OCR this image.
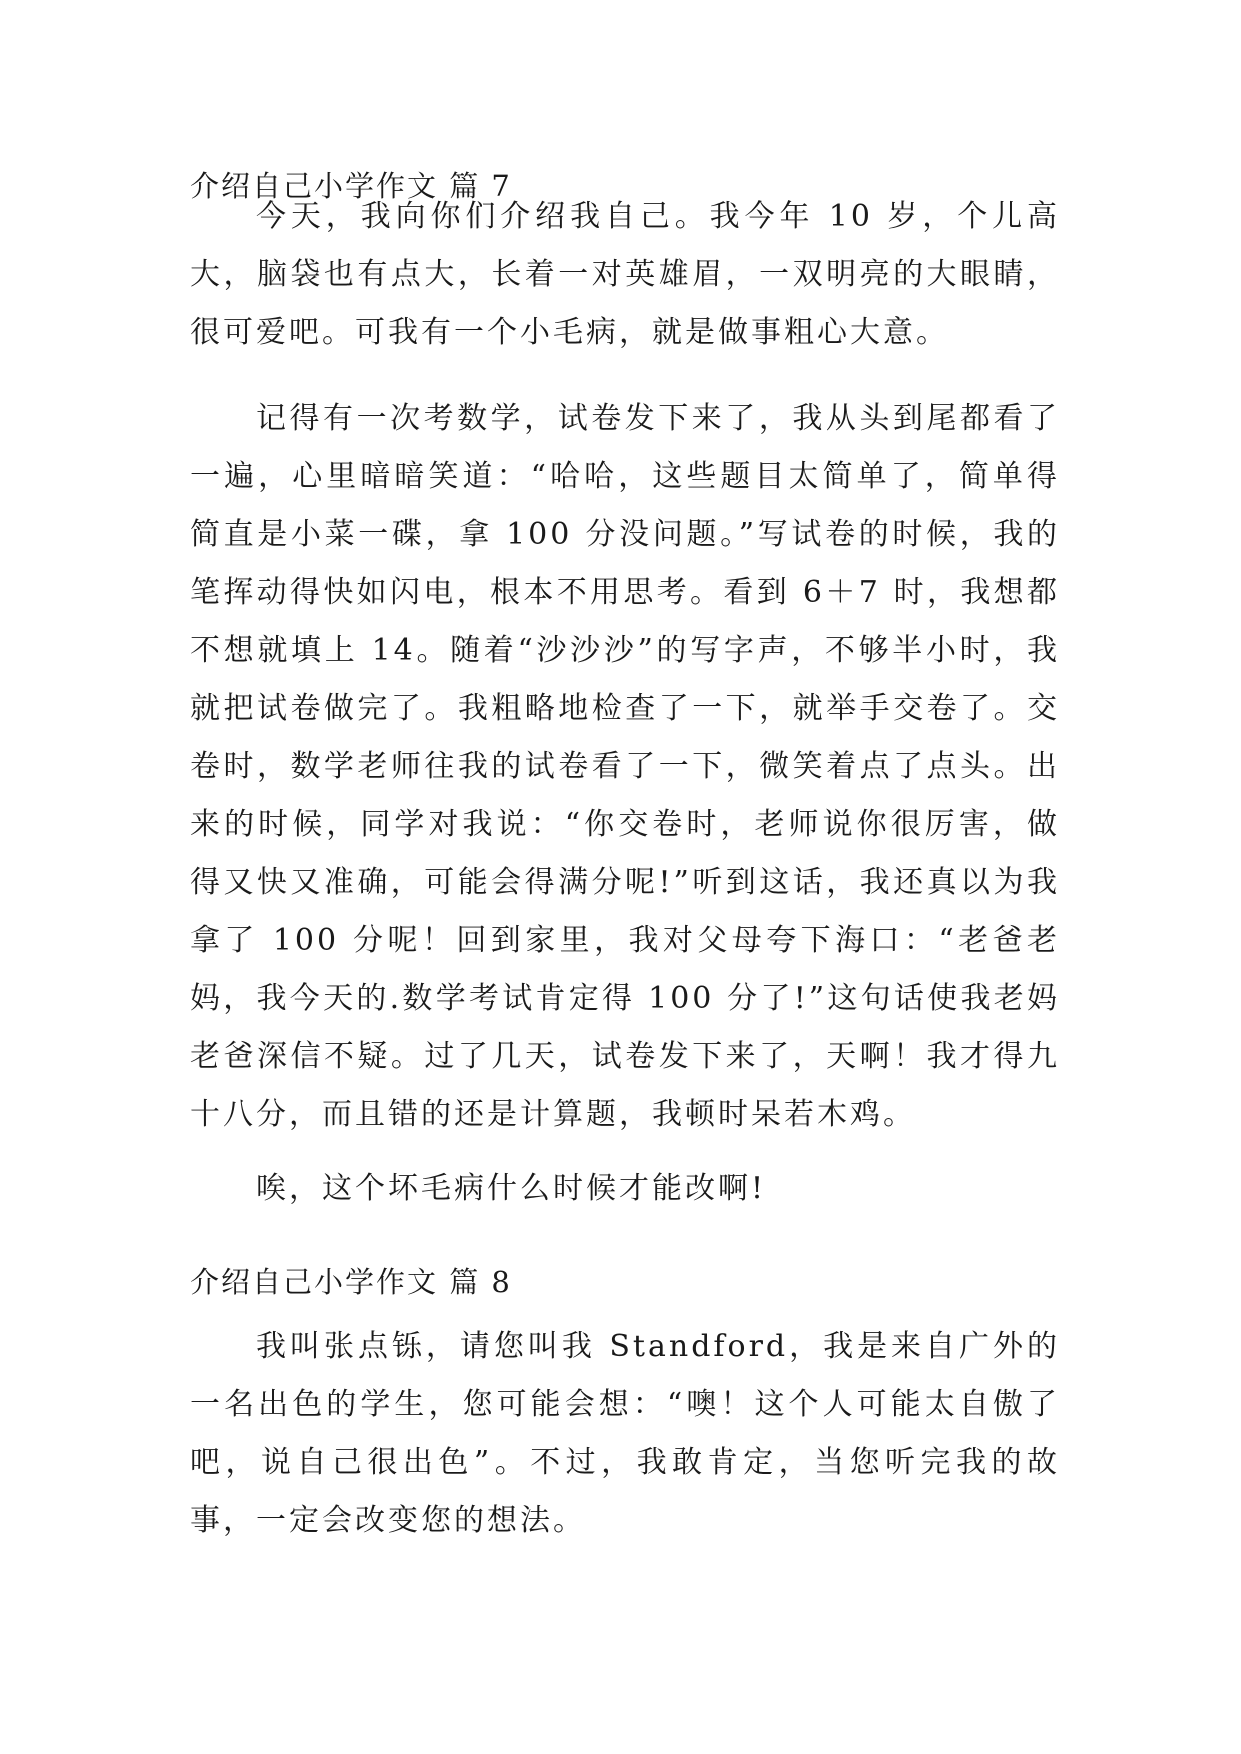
介绍自己小学作文 篇 7

今天，我向你们介绍我自己。我今年 10 岁，个儿高大，脑袋也有点大，长着一对英雄眉，一双明亮的大眼睛，很可爱吧。可我有一个小毛病，就是做事粗心大意。

记得有一次考数学，试卷发下来了，我从头到尾都看了一遍，心里暗暗笑道：“哈哈，这些题目太简单了，简单得简直是小菜一碟，拿 100 分没问题。”写试卷的时候，我的笔挥动得快如闪电，根本不用思考。看到 6＋7 时，我想都不想就填上 14。随着“沙沙沙”的写字声，不够半小时，我就把试卷做完了。我粗略地检查了一下，就举手交卷了。交卷时，数学老师往我的试卷看了一下，微笑着点了点头。出来的时候，同学对我说：“你交卷时，老师说你很厉害，做得又快又准确，可能会得满分呢!”听到这话，我还真以为我拿了 100 分呢！回到家里，我对父母夸下海口：“老爸老妈，我今天的.数学考试肯定得 100 分了!”这句话使我老妈老爸深信不疑。过了几天，试卷发下来了，天啊！我才得九十八分，而且错的还是计算题，我顿时呆若木鸡。

唉，这个坏毛病什么时候才能改啊!

介绍自己小学作文 篇 8

我叫张点铄，请您叫我 Standford，我是来自广外的一名出色的学生，您可能会想：“噢！这个人可能太自傲了吧，说自己很出色”。不过，我敢肯定，当您听完我的故事，一定会改变您的想法。
